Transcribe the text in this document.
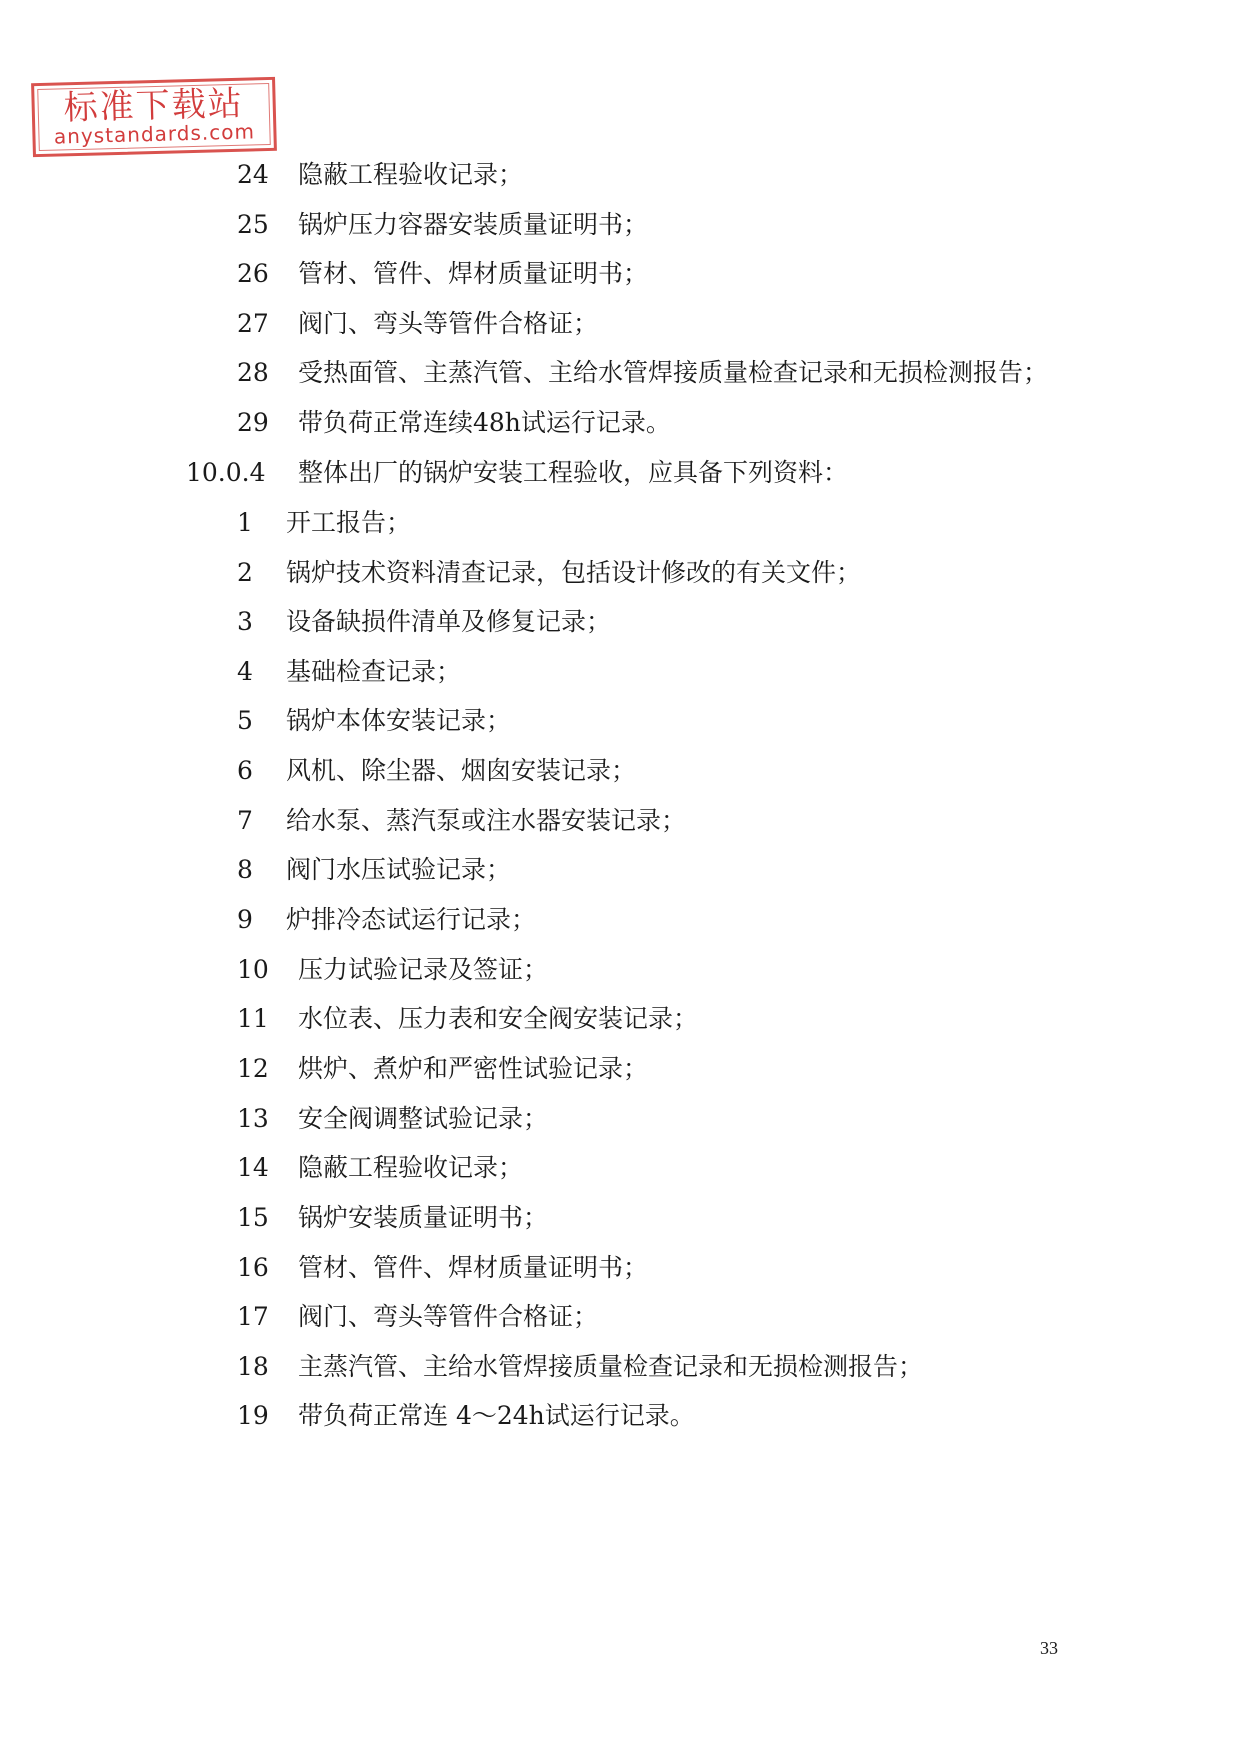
标准下载站
anystandards.com
24 隐蔽工程验收记录；
25 锅炉压力容器安装质量证明书；
26 管材、管件、焊材质量证明书；
27 阀门、弯头等管件合格证；
28 受热面管、主蒸汽管、主给水管焊接质量检查记录和无损检测报告；
29 带负荷正常连续48h试运行记录。
10.0.4 整体出厂的锅炉安装工程验收，应具备下列资料：
1 开工报告；
2 锅炉技术资料清查记录，包括设计修改的有关文件；
3 设备缺损件清单及修复记录；
4 基础检查记录；
5 锅炉本体安装记录；
6 风机、除尘器、烟囱安装记录；
7 给水泵、蒸汽泵或注水器安装记录；
8 阀门水压试验记录；
9 炉排冷态试运行记录；
10 压力试验记录及签证；
11 水位表、压力表和安全阀安装记录；
12 烘炉、煮炉和严密性试验记录；
13 安全阀调整试验记录；
14 隐蔽工程验收记录；
15 锅炉安装质量证明书；
16 管材、管件、焊材质量证明书；
17 阀门、弯头等管件合格证；
18 主蒸汽管、主给水管焊接质量检查记录和无损检测报告；
19 带负荷正常连 4～24h试运行记录。
33
